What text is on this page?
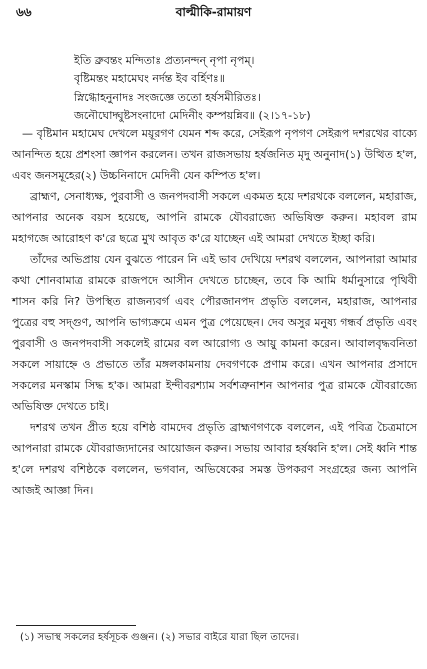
৬৬	বাল্মীকি-রামায়ণ
ইতি ব্রুবন্তং মন্দিতাঃ প্রত্যনন্দন্ নৃপা নৃপম্।
বৃষ্টিমন্তং মহামেঘং নর্দন্ত ইব বর্হিণঃ॥
স্নিগ্ধোহনুনাদঃ সংজজ্ঞে ততো হর্ষসমীরিতঃ।
জনৌঘোদ্ঘুষ্টসংনাদো মেদিনীং কম্পয়ন্নিব॥ (২।১৭-১৮)

— বৃষ্টিমান মহামেঘ দেখলে ময়ূরগণ যেমন শব্দ করে, সেইরূপ নৃপগণ সেইরূপ দশরথের বাক্যে আনন্দিত হয়ে প্রশংসা জ্ঞাপন করলেন। তখন রাজসভায় হর্ষজনিত মৃদু অনুনাদ(১) উত্থিত হ'ল, এবং জনসমূহের(২) উচ্চনিনাদে মেদিনী যেন কম্পিত হ'ল।

ব্রাহ্মণ, সেনাধ্যক্ষ, পুরবাসী ও জনপদবাসী সকলে একমত হয়ে দশরথকে বললেন, মহারাজ, আপনার অনেক বয়স হয়েছে, আপনি রামকে যৌবরাজ্যে অভিষিক্ত করুন। মহাবল রাম মহাগজে আরোহণ ক'রে ছত্রে মুখ আবৃত ক'রে যাচ্ছেন এই আমরা দেখতে ইচ্ছা করি।

তাঁদের অভিপ্রায় যেন বুঝতে পারেন নি এই ভাব দেখিয়ে দশরথ বললেন, আপনারা আমার কথা শোনবামাত্র রামকে রাজপদে আসীন দেখতে চাচ্ছেন, তবে কি আমি ধর্মানুসারে পৃথিবী শাসন করি নি? উপস্থিত রাজন্যবর্গ এবং পৌরজানপদ প্রভৃতি বললেন, মহারাজ, আপনার পুত্রের বহু সদ্গুণ, আপনি ভাগ্যক্রমে এমন পুত্র পেয়েছেন। দেব অসুর মনুষ্য গন্ধর্ব প্রভৃতি এবং পুরবাসী ও জনপদবাসী সকলেই রামের বল আরোগ্য ও আয়ু কামনা করেন। আবালবৃদ্ধবনিতা সকলে সায়াহ্নে ও প্রভাতে তাঁর মঙ্গলকামনায় দেবগণকে প্রণাম করে। এখন আপনার প্রসাদে সকলের মনস্কাম সিদ্ধ হ'ক। আমরা ইন্দীবরশ্যাম সর্বশত্রুনাশন আপনার পুত্র রামকে যৌবরাজ্যে অভিষিক্ত দেখতে চাই।

দশরথ তখন প্রীত হয়ে বশিষ্ঠ বামদেব প্রভৃতি ব্রাহ্মণগণকে বললেন, এই পবিত্র চৈত্রমাসে আপনারা রামকে যৌবরাজ্যদানের আয়োজন করুন। সভায় আবার হর্ষধ্বনি হ'ল। সেই ধ্বনি শান্ত হ'লে দশরথ বশিষ্ঠকে বললেন, ভগবান, অভিষেকের সমস্ত উপকরণ সংগ্রহের জন্য আপনি আজই আজ্ঞা দিন।

(১) সভাস্থ সকলের হর্ষসূচক গুঞ্জন। (২) সভার বাইরে যারা ছিল তাদের।
